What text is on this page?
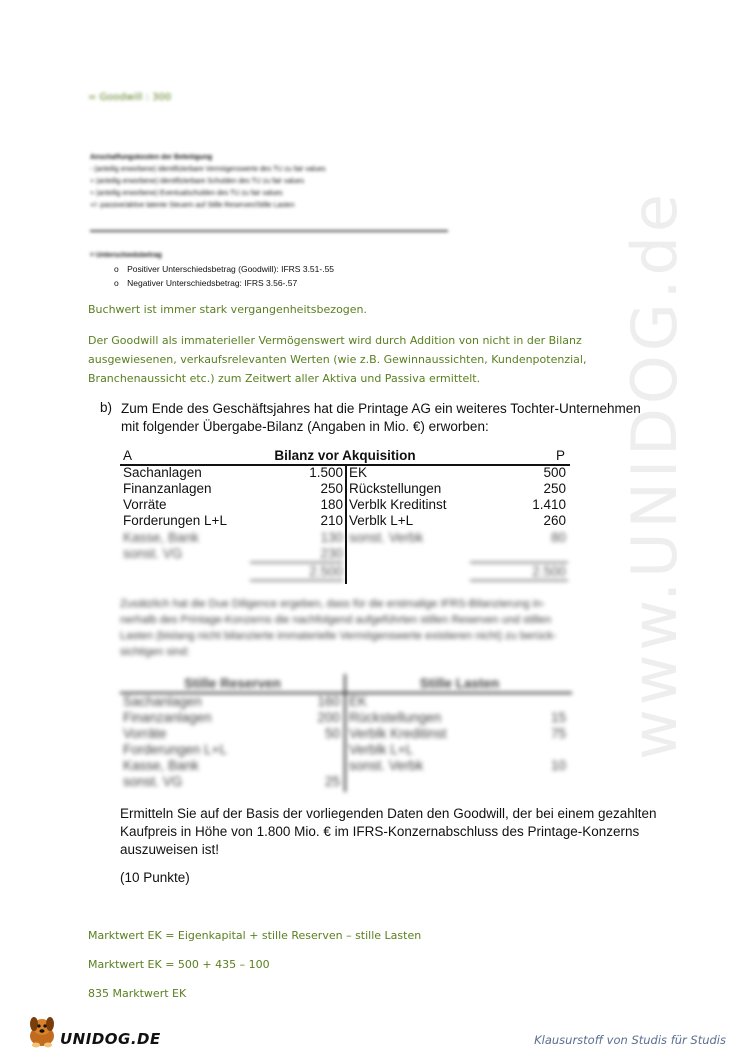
www.UNIDOG.de
= Goodwill : 300
Anschaffungskosten der Beteiligung
- (anteilig erworbene) identifizierbare Vermögenswerte des TU zu fair values
+ (anteilig erworbene) identifizierbare Schulden des TU zu fair values
+ (anteilig erworbene) Eventualschulden des TU zu fair values
+/- passive/aktive latente Steuern auf Stille Reserven/Stille Lasten
= Unterschiedsbetrag
o Positiver Unterschiedsbetrag (Goodwill): IFRS 3.51-.55
o Negativer Unterschiedsbetrag: IFRS 3.56-.57
Buchwert ist immer stark vergangenheitsbezogen.
Der Goodwill als immaterieller Vermögenswert wird durch Addition von nicht in der Bilanz
ausgewiesenen, verkaufsrelevanten Werten (wie z.B. Gewinnaussichten, Kundenpotenzial,
Branchenaussicht etc.) zum Zeitwert aller Aktiva und Passiva ermittelt.
b) Zum Ende des Geschäftsjahres hat die Printage AG ein weiteres Tochter-Unternehmen
mit folgender Übergabe-Bilanz (Angaben in Mio. €) erworben:
A	Bilanz vor Akquisition	P
Sachanlagen	1.500 EK	500
Finanzanlagen	250 Rückstellungen	250
Vorräte	180 Verblk Kreditinst	1.410
Forderungen L+L	210 Verblk L+L	260
Kasse, Bank	130 sonst. Verbk	80
sonst. VG	230
2.500	2.500
Zusätzlich hat die Due Diligence ergeben, dass für die erstmalige IFRS-Bilanzierung in-
nerhalb des Printage-Konzerns die nachfolgend aufgeführten stillen Reserven und stillen
Lasten (bislang nicht bilanzierte immaterielle Vermögenswerte existieren nicht) zu berück-
sichtigen sind:
Stille Reserven	Stille Lasten
Sachanlagen	160 EK
Finanzanlagen	200 Rückstellungen	15
Vorräte	50 Verblk Kreditinst	75
Forderungen L+L	Verblk L+L
Kasse, Bank	sonst. Verbk	10
sonst. VG	25
Ermitteln Sie auf der Basis der vorliegenden Daten den Goodwill, der bei einem gezahlten
Kaufpreis in Höhe von 1.800 Mio. € im IFRS-Konzernabschluss des Printage-Konzerns
auszuweisen ist!
(10 Punkte)
Marktwert EK = Eigenkapital + stille Reserven – stille Lasten
Marktwert EK = 500 + 435 – 100
835 Marktwert EK
UNIDOG.DE	Klausurstoff von Studis für Studis
